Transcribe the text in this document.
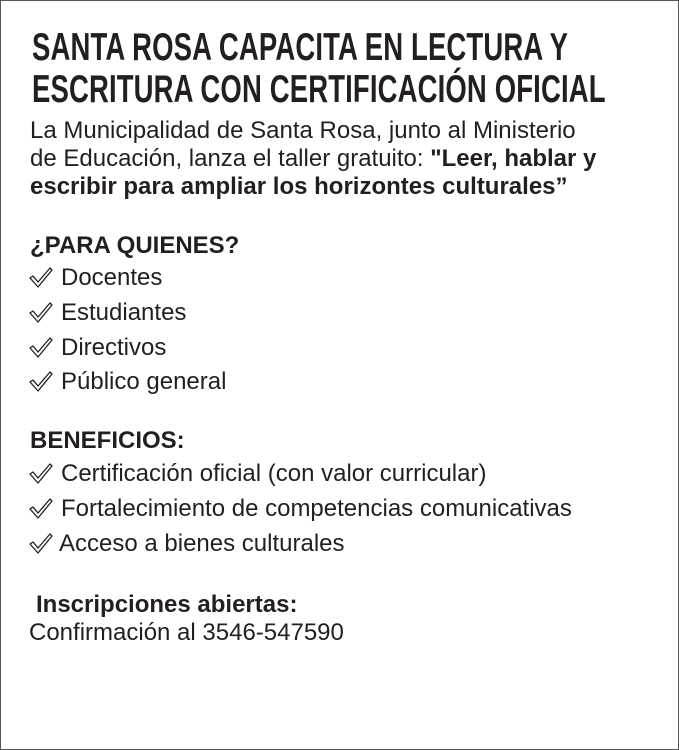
SANTA ROSA CAPACITA EN LECTURA Y
ESCRITURA CON CERTIFICACIÓN OFICIAL
La Municipalidad de Santa Rosa, junto al Ministerio
de Educación, lanza el taller gratuito: "Leer, hablar y
escribir para ampliar los horizontes culturales”
¿PARA QUIENES?
Docentes
Estudiantes
Directivos
Público general
BENEFICIOS:
Certificación oficial (con valor curricular)
Fortalecimiento de competencias comunicativas
Acceso a bienes culturales
Inscripciones abiertas:
Confirmación al 3546-547590
